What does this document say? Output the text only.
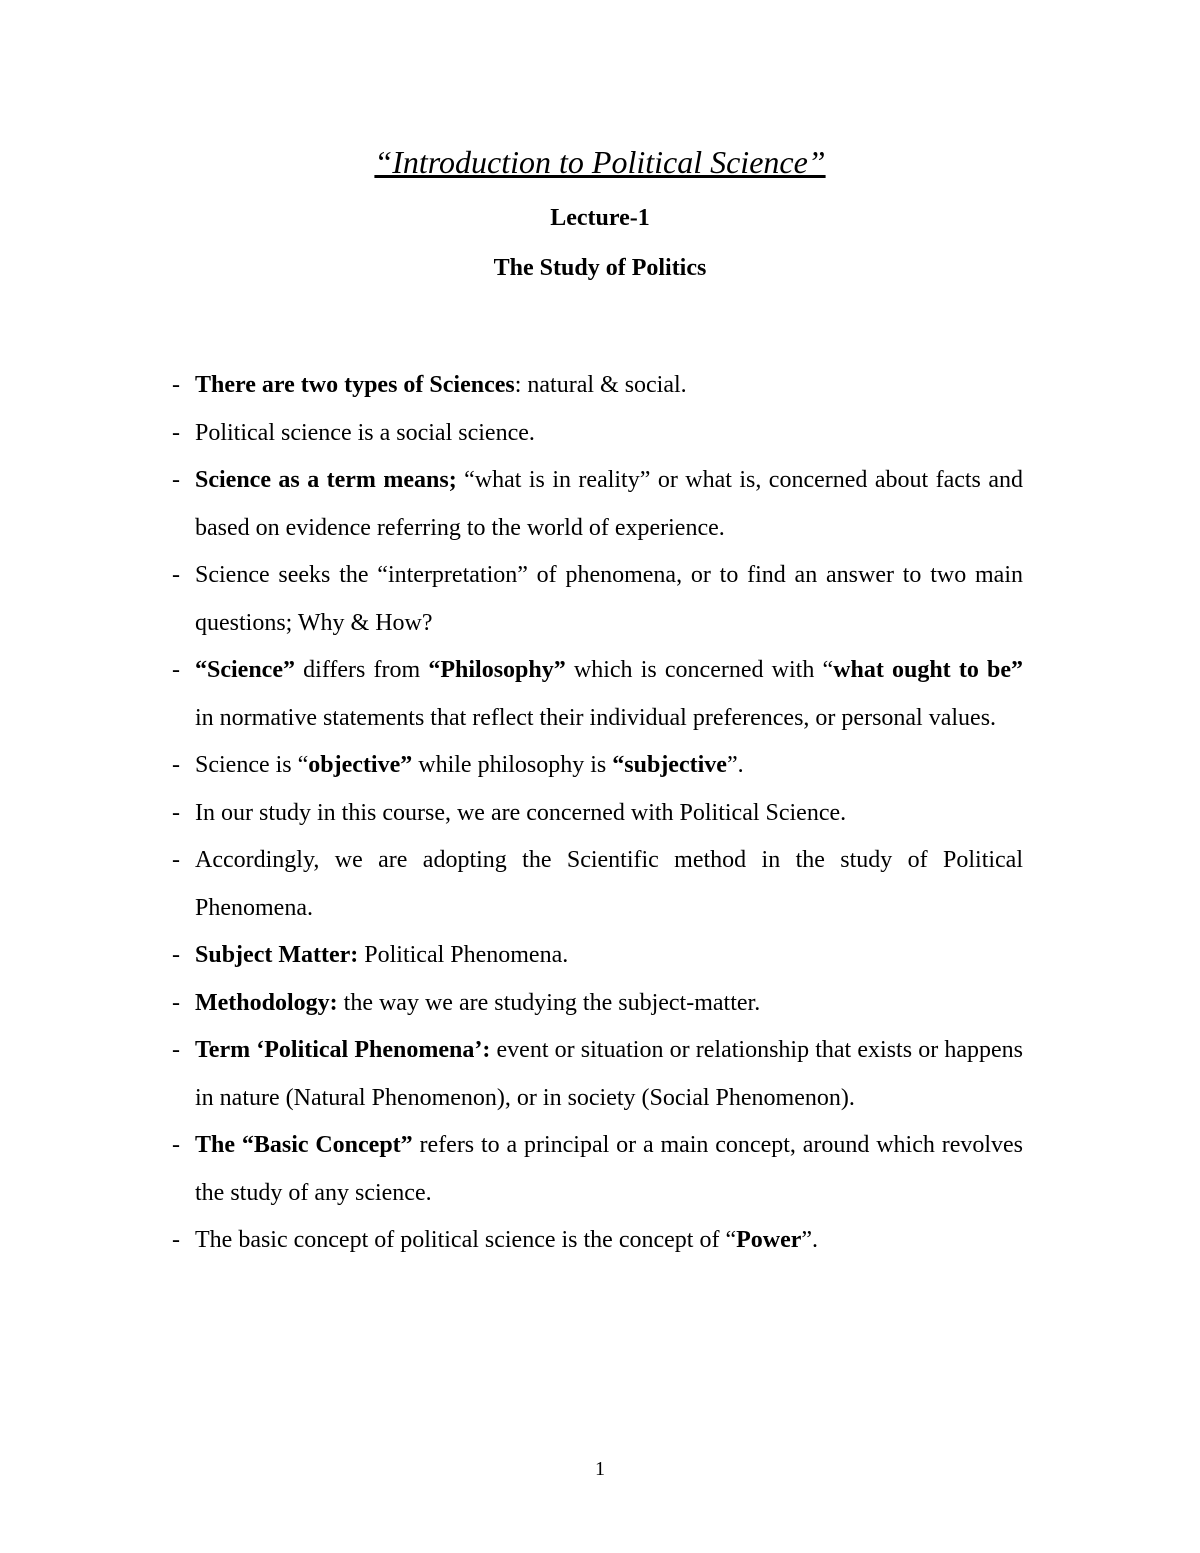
“Introduction to Political Science”
Lecture-1
The Study of Politics
- There are two types of Sciences: natural & social.
- Political science is a social science.
- Science as a term means; “what is in reality” or what is, concerned about facts and based on evidence referring to the world of experience.
- Science seeks the “interpretation” of phenomena, or to find an answer to two main questions; Why & How?
- “Science” differs from “Philosophy” which is concerned with “what ought to be” in normative statements that reflect their individual preferences, or personal values.
- Science is “objective” while philosophy is “subjective”.
- In our study in this course, we are concerned with Political Science.
- Accordingly, we are adopting the Scientific method in the study of Political Phenomena.
- Subject Matter: Political Phenomena.
- Methodology: the way we are studying the subject-matter.
- Term ‘Political Phenomena’: event or situation or relationship that exists or happens in nature (Natural Phenomenon), or in society (Social Phenomenon).
- The “Basic Concept” refers to a principal or a main concept, around which revolves the study of any science.
- The basic concept of political science is the concept of “Power”.
1
